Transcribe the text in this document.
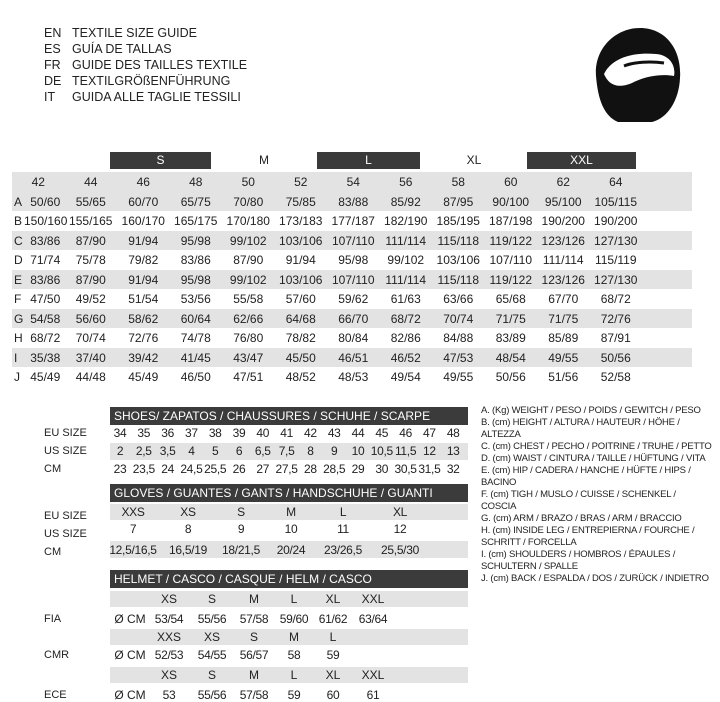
EN TEXTILE SIZE GUIDE
ES GUÍA DE TALLAS
FR GUIDE DES TAILLES TEXTILE
DE TEXTILGRÖßENFÜHRUNG
IT GUIDA ALLE TAGLIE TESSILI
S	M	L	XL	XXL
42	44	46	48	50	52	54	56	58	60	62	64
A 50/60	55/65	60/70	65/75	70/80	75/85	83/88	85/92	87/95	90/100	95/100	105/115
B 150/160 155/165 160/170 165/175 170/180 173/183 177/187 182/190 185/195 187/198 190/200 190/200
C 83/86	87/90	91/94	95/98	99/102	103/106 107/110 111/114 115/118 119/122 123/126 127/130
D 71/74	75/78	79/82	83/86	87/90	91/94	95/98	99/102	103/106 107/110 111/114 115/119
E 83/86	87/90	91/94	95/98	99/102	103/106 107/110 111/114 115/118 119/122 123/126 127/130
F 47/50	49/52	51/54	53/56	55/58	57/60	59/62	61/63	63/66	65/68	67/70	68/72
G 54/58	56/60	58/62	60/64	62/66	64/68	66/70	68/72	70/74	71/75	71/75	72/76
H 68/72	70/74	72/76	74/78	76/80	78/82	80/84	82/86	84/88	83/89	85/89	87/91
I	35/38	37/40	39/42	41/45	43/47	45/50	46/51	46/52	47/53	48/54	49/55	50/56
J 45/49	44/48	45/49	46/50	47/51	48/52	48/53	49/54	49/55	50/56	51/56	52/58
SHOES/ ZAPATOS / CHAUSSURES / SCHUHE / SCARPE
EU SIZE	34 35 36 37 38 39 40 41 42 43 44 45 46 47 48
US SIZE	2	2,5 3,5	4	5	6	6,5 7,5	8	9	10 10,5 11,5 12 13
CM	23 23,5 24 24,5 25,5 26 27 27,5 28 28,5 29 30 30,5 31,5 32
GLOVES / GUANTES / GANTS / HANDSCHUHE / GUANTI
EU SIZE	XXS	XS	S	M	L	XL
US SIZE	7	8	9	10	11	12
CM	12,5/16,5	16,5/19	18/21,5	20/24	23/26,5	25,5/30
HELMET / CASCO / CASQUE / HELM / CASCO
FIA
XS	S	M	L	XL	XXL
Ø CM 53/54	55/56	57/58 59/60 61/62 63/64
CMR
XXS	XS	S	M	L
Ø CM 52/53	54/55	56/57	58	59
ECE
XS	S	M	L	XL	XXL
Ø CM	53	55/56	57/58	59	60	61
A. (Kg) WEIGHT / PESO / POIDS / GEWITCH / PESO
B. (cm) HEIGHT / ALTURA / HAUTEUR / HÖHE / ALTEZZA
C. (cm) CHEST / PECHO / POITRINE / TRUHE / PETTO
D. (cm) WAIST / CINTURA / TAILLE / HÜFTUNG / VITA
E. (cm) HIP / CADERA / HANCHE / HÜFTE / HIPS / BACINO
F. (cm) TIGH / MUSLO / CUISSE / SCHENKEL / COSCIA
G. (cm) ARM / BRAZO / BRAS / ARM / BRACCIO
H. (cm) INSIDE LEG / ENTREPIERNA / FOURCHE /
SCHRITT / FORCELLA
I. (cm) SHOULDERS / HOMBROS / ÉPAULES /
SCHULTERN / SPALLE
J. (cm) BACK / ESPALDA / DOS / ZURÜCK / INDIETRO
